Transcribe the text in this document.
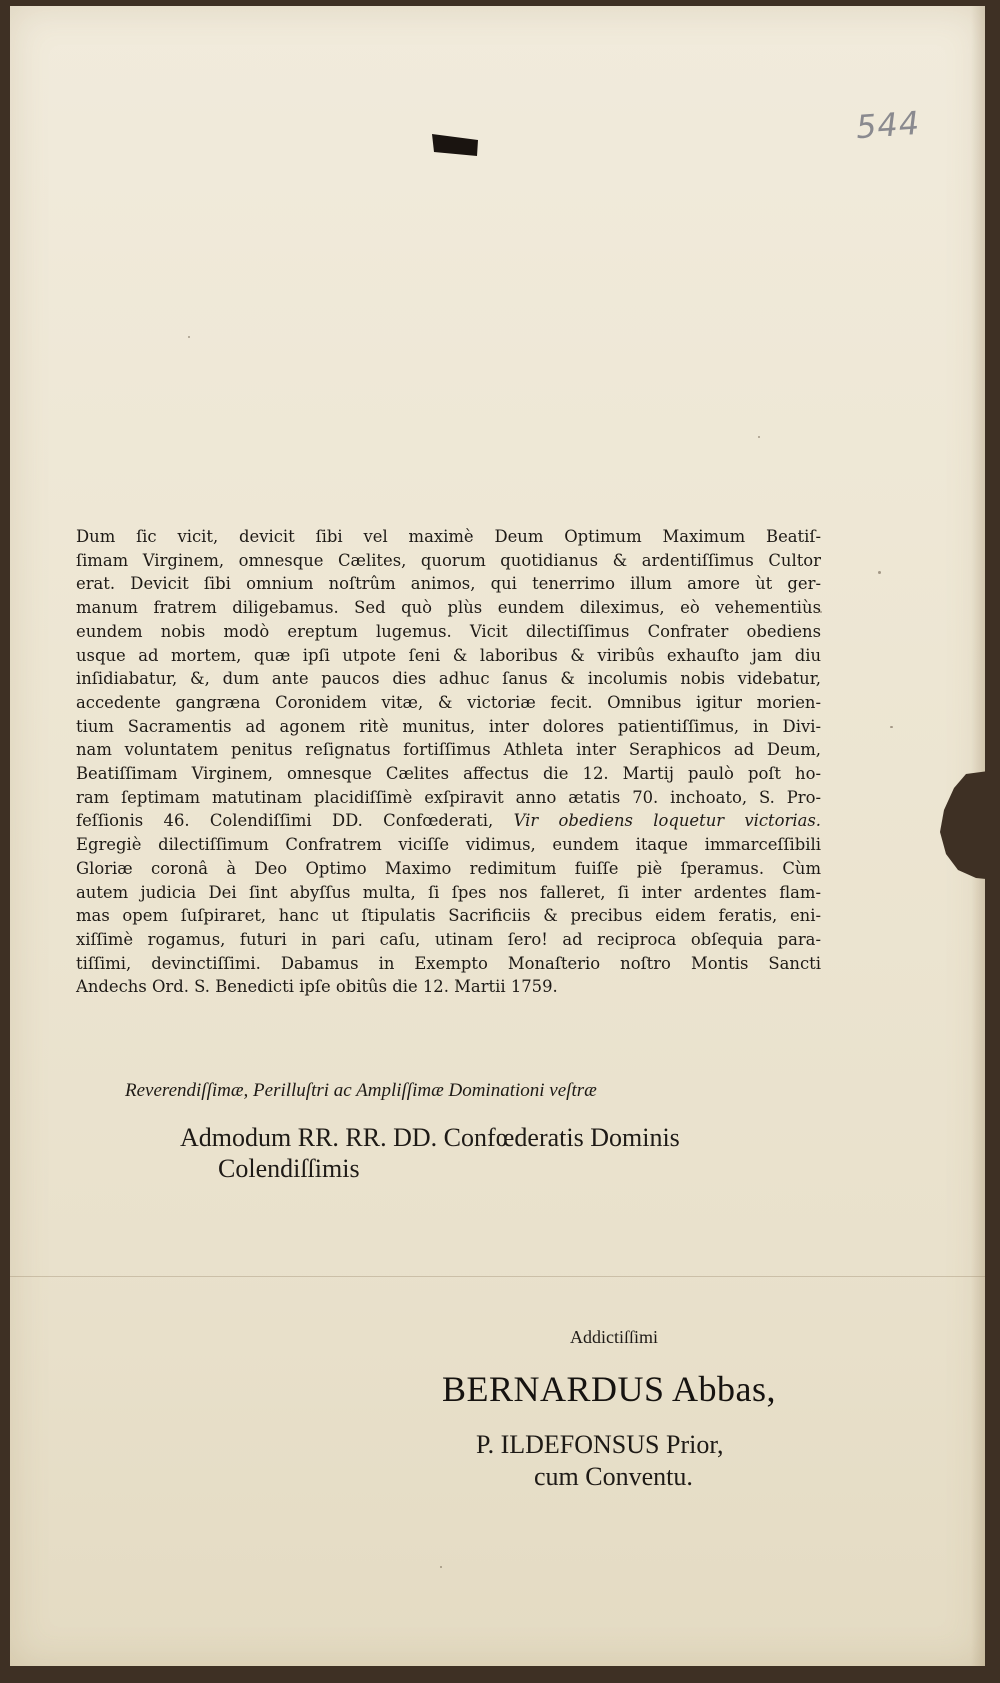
544
Dum ſic vicit, devicit ſibi vel maximè Deum Optimum Maximum Beatiſ-
ſimam Virginem, omnesque Cælites, quorum quotidianus & ardentiſſimus Cultor
erat. Devicit ſibi omnium noſtrûm animos, qui tenerrimo illum amore ùt ger-
manum fratrem diligebamus. Sed quò plùs eundem dileximus, eò vehementiùs
eundem nobis modò ereptum lugemus. Vicit dilectiſſimus Confrater obediens
usque ad mortem, quæ ipſi utpote ſeni & laboribus & viribûs exhauſto jam diu
inſidiabatur, &, dum ante paucos dies adhuc ſanus & incolumis nobis videbatur,
accedente gangræna Coronidem vitæ, & victoriæ fecit. Omnibus igitur morien-
tium Sacramentis ad agonem ritè munitus, inter dolores patientiſſimus, in Divi-
nam voluntatem penitus reſignatus fortiſſimus Athleta inter Seraphicos ad Deum,
Beatiſſimam Virginem, omnesque Cælites affectus die 12. Martij paulò poſt ho-
ram ſeptimam matutinam placidiſſimè exſpiravit anno ætatis 70. inchoato, S. Pro-
feſſionis 46. Colendiſſimi DD. Confœderati, Vir obediens loquetur victorias.
Egregiè dilectiſſimum Confratrem viciſſe vidimus, eundem itaque immarceſſibili
Gloriæ coronâ à Deo Optimo Maximo redimitum fuiſſe piè ſperamus. Cùm
autem judicia Dei ſint abyſſus multa, ſi ſpes nos falleret, ſi inter ardentes flam-
mas opem ſuſpiraret, hanc ut ſtipulatis Sacrificiis & precibus eidem feratis, eni-
xiſſimè rogamus, futuri in pari caſu, utinam ſero! ad reciproca obſequia para-
tiſſimi, devinctiſſimi. Dabamus in Exempto Monaſterio noſtro Montis Sancti
Andechs Ord. S. Benedicti ipſe obitûs die 12. Martii 1759.
Reverendiſſimæ, Perilluſtri ac Ampliſſimæ Dominationi veſtræ
Admodum RR. RR. DD. Confœderatis Dominis
Colendiſſimis
Addictiſſimi
BERNARDUS Abbas,
P. ILDEFONSUS Prior,
cum Conventu.
